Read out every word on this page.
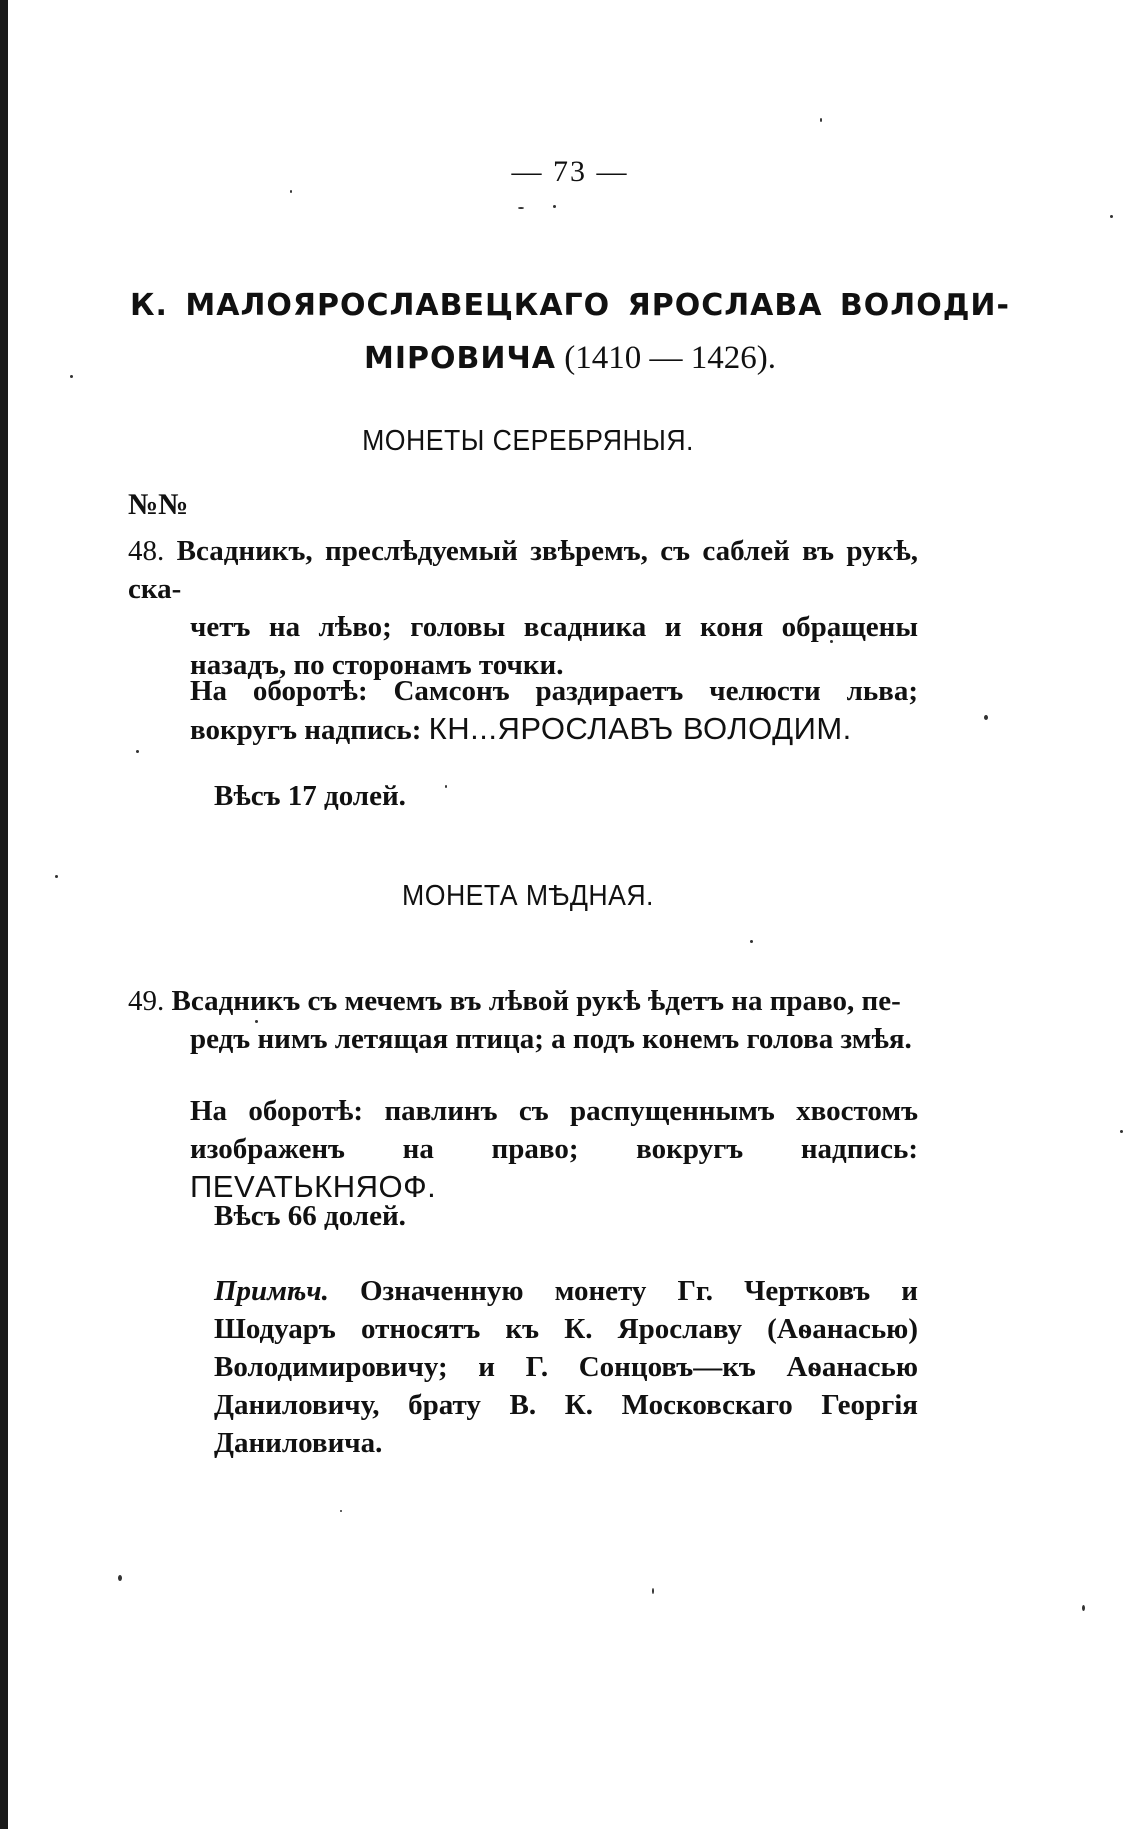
— 73 —
К. МАЛОЯРОСЛАВЕЦКАГО ЯРОСЛАВА ВОЛОДИ-
МІРОВИЧА (1410 — 1426).
МОНЕТЫ СЕРЕБРЯНЫЯ.
№№
48. Всадникъ, преслѣдуемый звѣремъ, съ саблей въ рукѣ, ска-
четъ на лѣво; головы всадника и коня обращены назадъ, по сторонамъ точки.
На оборотѣ: Самсонъ раздираетъ челюсти льва; вокругъ надпись: КН...ЯРОСЛАВЪ ВОЛОДИМ.
Вѣсъ 17 долей.
МОНЕТА МѢДНАЯ.
49. Всадникъ съ мечемъ въ лѣвой рукѣ ѣдетъ на право, пе-
редъ нимъ летящая птица; а подъ конемъ голова змѣя.
На оборотѣ: павлинъ съ распущеннымъ хвостомъ изображенъ на право; вокругъ надпись: ПЕVАТЬКНЯОФ.
Вѣсъ 66 долей.
Примѣч. Означенную монету Гг. Чертковъ и Шодуаръ относятъ къ К. Ярославу (Аѳанасью) Володимировичу; и Г. Сонцовъ—къ Аѳанасью Даниловичу, брату В. К. Московскаго Георгія Даниловича.
